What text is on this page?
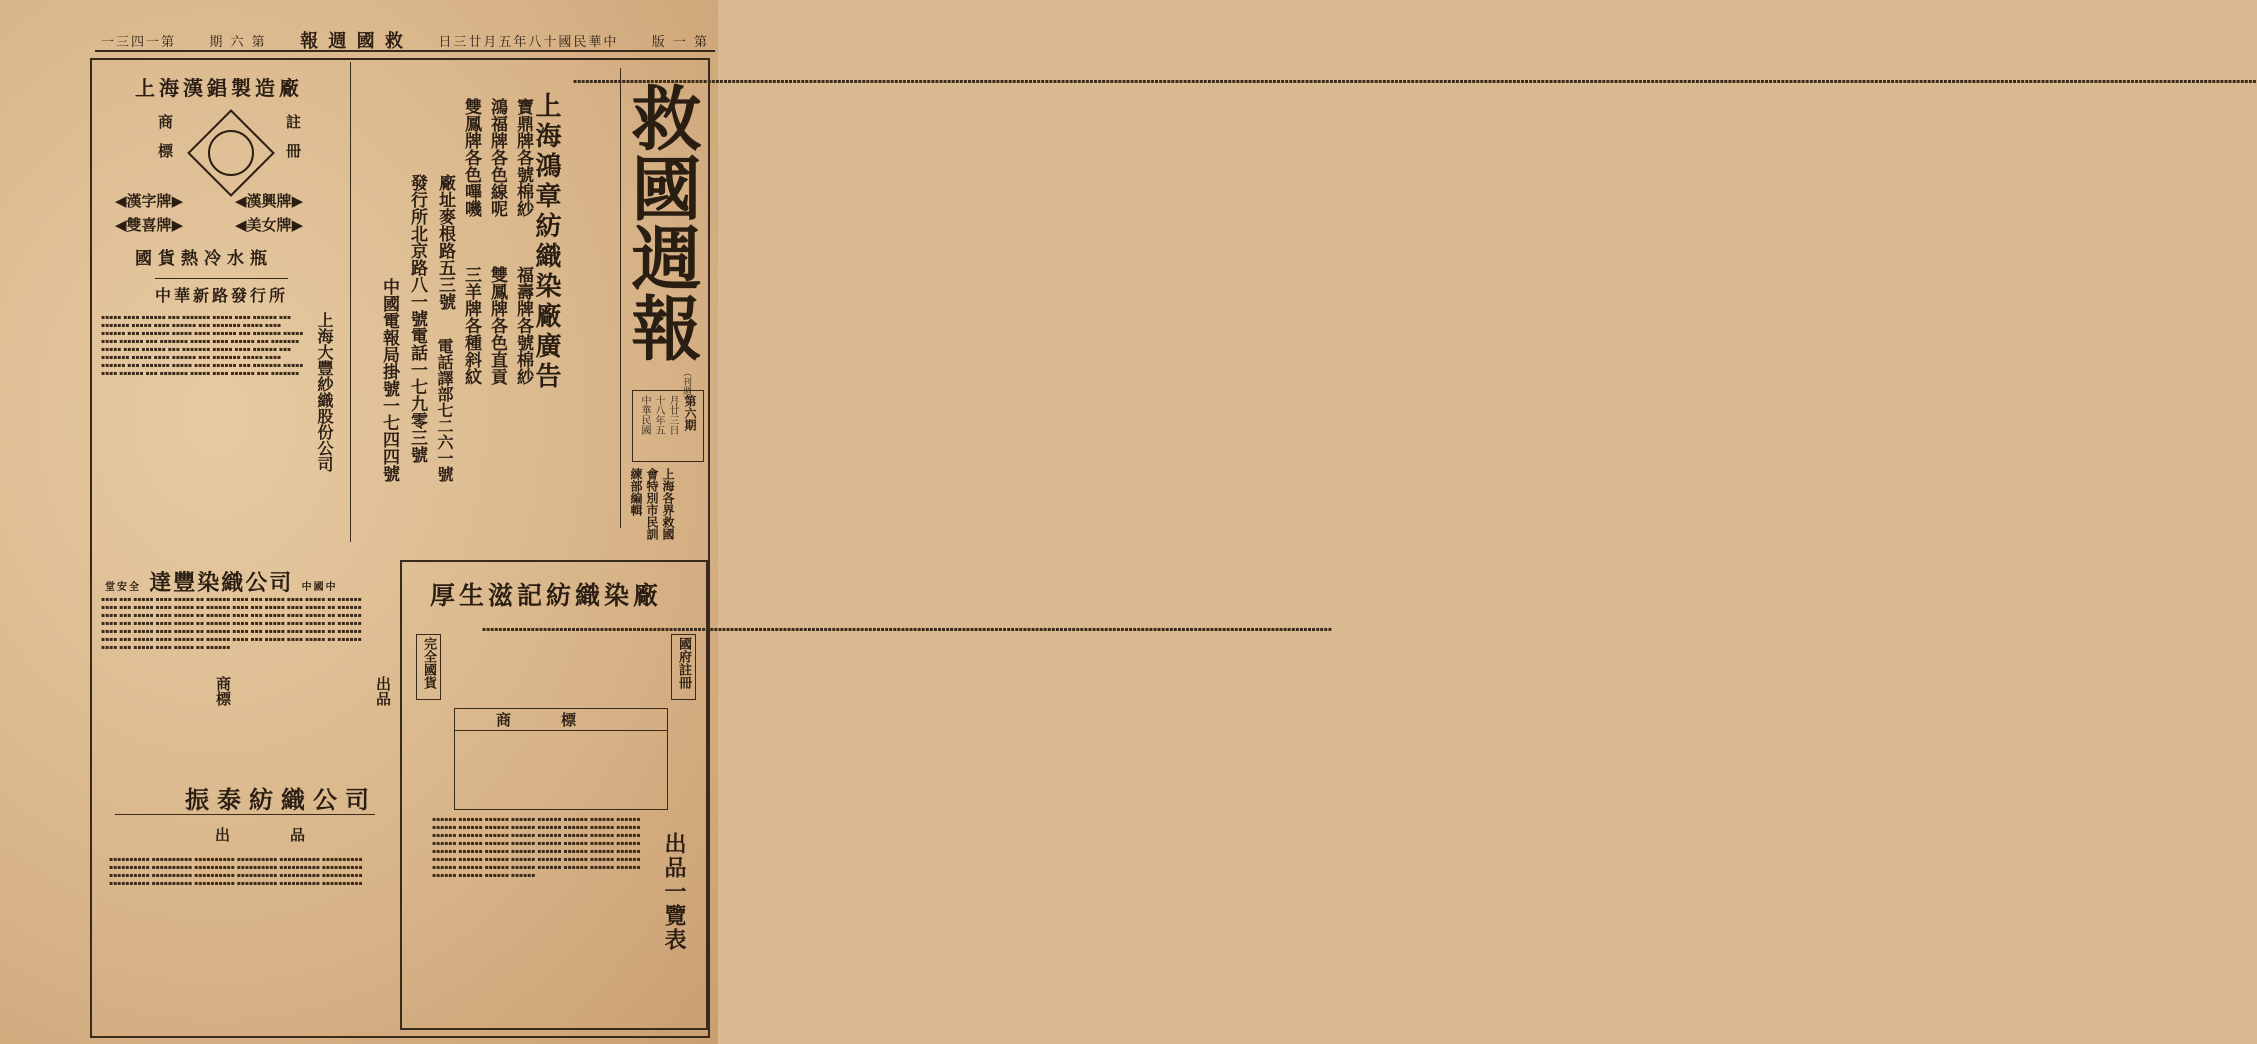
一三四一第	期 六 第 報 週 國 救	日三廿月五年八十國民華中	版 一 第
救國週報
（刊週）
第六期
中華民國 十八年五 月廿三日
上海各界救國會特別市民訓練部編輯
▪▪▪▪▪▪▪▪▪▪▪▪▪▪▪▪▪▪▪▪▪▪▪▪▪▪▪▪▪▪▪▪▪▪▪▪▪▪▪▪▪▪▪▪▪▪▪▪▪▪▪▪▪▪▪▪▪▪▪▪▪▪▪▪▪▪▪▪▪▪▪▪▪▪▪▪▪▪▪▪▪▪▪▪▪▪▪▪▪▪▪▪▪▪▪▪▪▪▪▪▪▪▪▪▪▪▪▪▪▪▪▪▪▪▪▪▪▪▪▪▪▪▪▪▪▪▪▪▪▪▪▪▪▪▪▪▪▪▪▪▪▪▪▪▪▪▪▪▪▪▪▪▪▪▪▪▪▪▪▪▪▪▪▪▪▪▪▪▪▪▪▪▪▪▪▪▪▪▪▪▪▪▪▪▪▪▪▪▪▪▪▪▪▪▪▪▪▪▪▪▪▪▪▪▪▪▪▪▪▪▪▪▪▪▪▪▪▪▪▪▪▪▪▪▪▪▪▪▪▪▪▪▪▪▪▪▪▪▪▪▪▪▪▪▪▪▪▪▪▪▪▪▪▪▪▪▪▪▪▪▪▪▪▪▪▪▪▪▪▪▪▪▪▪▪▪▪▪▪▪▪▪▪▪▪▪▪▪▪▪▪▪▪▪▪▪▪▪▪▪▪▪▪▪▪▪▪▪▪▪▪▪▪▪▪▪▪▪▪▪▪▪▪▪▪▪▪▪▪▪▪▪▪▪▪▪▪▪▪▪▪▪▪▪▪▪▪▪▪▪▪▪▪▪▪▪▪▪▪▪▪▪▪▪▪▪▪▪▪▪▪▪▪▪▪▪▪▪▪▪▪▪▪▪▪▪▪▪▪▪▪▪▪▪▪▪▪▪▪▪▪▪▪▪▪▪▪▪▪▪▪▪▪▪
上海鴻章紡織染廠廣告
寶鼎牌各號棉紗
鴻福牌各色線呢
雙鳳牌各色嗶嘰
廠址麥根路五三號
福壽牌各號棉紗
雙鳳牌各色直貢
三羊牌各種斜紋
電話譯部七二六一號
發行所北京路八一號電話一七九零三號
中國電報局掛號一七四四號
上海漢錩製造廠
商標	註冊
◀漢字牌▶	◀漢興牌▶
◀雙喜牌▶	◀美女牌▶
國貨熱冷水瓶
中華新路發行所
上海大豐紗織股份公司
▪▪▪▪▪ ▪▪▪▪ ▪▪▪▪▪▪ ▪▪▪ ▪▪▪▪▪▪▪ ▪▪▪▪▪ ▪▪▪▪ ▪▪▪▪▪▪ ▪▪▪ ▪▪▪▪▪▪▪ ▪▪▪▪▪ ▪▪▪▪ ▪▪▪▪▪▪ ▪▪▪ ▪▪▪▪▪▪▪ ▪▪▪▪▪ ▪▪▪▪ ▪▪▪▪▪▪ ▪▪▪ ▪▪▪▪▪▪▪ ▪▪▪▪▪ ▪▪▪▪ ▪▪▪▪▪▪ ▪▪▪ ▪▪▪▪▪▪▪ ▪▪▪▪▪ ▪▪▪▪ ▪▪▪▪▪▪ ▪▪▪ ▪▪▪▪▪▪▪ ▪▪▪▪▪ ▪▪▪▪ ▪▪▪▪▪▪ ▪▪▪ ▪▪▪▪▪▪▪ ▪▪▪▪▪ ▪▪▪▪ ▪▪▪▪▪▪ ▪▪▪ ▪▪▪▪▪▪▪ ▪▪▪▪▪ ▪▪▪▪ ▪▪▪▪▪▪ ▪▪▪ ▪▪▪▪▪▪▪ ▪▪▪▪▪ ▪▪▪▪ ▪▪▪▪▪▪ ▪▪▪ ▪▪▪▪▪▪▪ ▪▪▪▪▪ ▪▪▪▪ ▪▪▪▪▪▪ ▪▪▪ ▪▪▪▪▪▪▪ ▪▪▪▪▪ ▪▪▪▪ ▪▪▪▪▪▪ ▪▪▪ ▪▪▪▪▪▪▪ ▪▪▪▪▪ ▪▪▪▪ ▪▪▪▪▪▪ ▪▪▪ ▪▪▪▪▪▪▪ ▪▪▪▪▪ ▪▪▪▪ ▪▪▪▪▪▪ ▪▪▪ ▪▪▪▪▪▪▪
堂安全 達豐染織公司 中國中
▪▪▪▪ ▪▪▪ ▪▪▪▪▪ ▪▪▪▪ ▪▪▪▪▪ ▪▪ ▪▪▪▪▪▪ ▪▪▪▪ ▪▪▪ ▪▪▪▪▪ ▪▪▪▪ ▪▪▪▪▪ ▪▪ ▪▪▪▪▪▪ ▪▪▪▪ ▪▪▪ ▪▪▪▪▪ ▪▪▪▪ ▪▪▪▪▪ ▪▪ ▪▪▪▪▪▪ ▪▪▪▪ ▪▪▪ ▪▪▪▪▪ ▪▪▪▪ ▪▪▪▪▪ ▪▪ ▪▪▪▪▪▪ ▪▪▪▪ ▪▪▪ ▪▪▪▪▪ ▪▪▪▪ ▪▪▪▪▪ ▪▪ ▪▪▪▪▪▪ ▪▪▪▪ ▪▪▪ ▪▪▪▪▪ ▪▪▪▪ ▪▪▪▪▪ ▪▪ ▪▪▪▪▪▪ ▪▪▪▪ ▪▪▪ ▪▪▪▪▪ ▪▪▪▪ ▪▪▪▪▪ ▪▪ ▪▪▪▪▪▪ ▪▪▪▪ ▪▪▪ ▪▪▪▪▪ ▪▪▪▪ ▪▪▪▪▪ ▪▪ ▪▪▪▪▪▪ ▪▪▪▪ ▪▪▪ ▪▪▪▪▪ ▪▪▪▪ ▪▪▪▪▪ ▪▪ ▪▪▪▪▪▪ ▪▪▪▪ ▪▪▪ ▪▪▪▪▪ ▪▪▪▪ ▪▪▪▪▪ ▪▪ ▪▪▪▪▪▪ ▪▪▪▪ ▪▪▪ ▪▪▪▪▪ ▪▪▪▪ ▪▪▪▪▪ ▪▪ ▪▪▪▪▪▪ ▪▪▪▪ ▪▪▪ ▪▪▪▪▪ ▪▪▪▪ ▪▪▪▪▪ ▪▪ ▪▪▪▪▪▪ ▪▪▪▪ ▪▪▪ ▪▪▪▪▪ ▪▪▪▪ ▪▪▪▪▪ ▪▪ ▪▪▪▪▪▪
出品
商標
振泰紡織公司
出品
▪▪▪▪▪▪▪▪▪▪ ▪▪▪▪▪▪▪▪▪▪ ▪▪▪▪▪▪▪▪▪▪ ▪▪▪▪▪▪▪▪▪▪ ▪▪▪▪▪▪▪▪▪▪ ▪▪▪▪▪▪▪▪▪▪ ▪▪▪▪▪▪▪▪▪▪ ▪▪▪▪▪▪▪▪▪▪ ▪▪▪▪▪▪▪▪▪▪ ▪▪▪▪▪▪▪▪▪▪ ▪▪▪▪▪▪▪▪▪▪ ▪▪▪▪▪▪▪▪▪▪ ▪▪▪▪▪▪▪▪▪▪ ▪▪▪▪▪▪▪▪▪▪ ▪▪▪▪▪▪▪▪▪▪ ▪▪▪▪▪▪▪▪▪▪ ▪▪▪▪▪▪▪▪▪▪ ▪▪▪▪▪▪▪▪▪▪ ▪▪▪▪▪▪▪▪▪▪ ▪▪▪▪▪▪▪▪▪▪ ▪▪▪▪▪▪▪▪▪▪ ▪▪▪▪▪▪▪▪▪▪ ▪▪▪▪▪▪▪▪▪▪ ▪▪▪▪▪▪▪▪▪▪
厚生滋記紡織染廠
國府註冊
完全國貨
▪▪▪▪▪▪▪▪▪▪▪▪▪▪▪▪▪▪▪▪▪▪▪▪▪▪▪▪▪▪▪▪▪▪▪▪▪▪▪▪▪▪▪▪▪▪▪▪▪▪▪▪▪▪▪▪▪▪▪▪▪▪▪▪▪▪▪▪▪▪▪▪▪▪▪▪▪▪▪▪▪▪▪▪▪▪▪▪▪▪▪▪▪▪▪▪▪▪▪▪▪▪▪▪▪▪▪▪▪▪▪▪▪▪▪▪▪▪▪▪▪▪▪▪▪▪▪▪▪▪▪▪▪▪▪▪▪▪▪▪▪▪▪▪▪▪▪▪▪▪▪▪▪▪▪▪▪▪▪▪▪▪▪▪▪▪▪▪▪▪▪▪▪▪▪▪▪▪▪▪▪▪▪▪▪▪▪▪▪▪▪▪▪▪▪▪▪▪▪▪▪▪▪▪▪▪▪▪▪
商標
▪▪▪▪▪▪ ▪▪▪▪▪▪ ▪▪▪▪▪▪ ▪▪▪▪▪▪ ▪▪▪▪▪▪ ▪▪▪▪▪▪ ▪▪▪▪▪▪ ▪▪▪▪▪▪ ▪▪▪▪▪▪ ▪▪▪▪▪▪ ▪▪▪▪▪▪ ▪▪▪▪▪▪ ▪▪▪▪▪▪ ▪▪▪▪▪▪ ▪▪▪▪▪▪ ▪▪▪▪▪▪ ▪▪▪▪▪▪ ▪▪▪▪▪▪ ▪▪▪▪▪▪ ▪▪▪▪▪▪ ▪▪▪▪▪▪ ▪▪▪▪▪▪ ▪▪▪▪▪▪ ▪▪▪▪▪▪ ▪▪▪▪▪▪ ▪▪▪▪▪▪ ▪▪▪▪▪▪ ▪▪▪▪▪▪ ▪▪▪▪▪▪ ▪▪▪▪▪▪ ▪▪▪▪▪▪ ▪▪▪▪▪▪ ▪▪▪▪▪▪ ▪▪▪▪▪▪ ▪▪▪▪▪▪ ▪▪▪▪▪▪ ▪▪▪▪▪▪ ▪▪▪▪▪▪ ▪▪▪▪▪▪ ▪▪▪▪▪▪ ▪▪▪▪▪▪ ▪▪▪▪▪▪ ▪▪▪▪▪▪ ▪▪▪▪▪▪ ▪▪▪▪▪▪ ▪▪▪▪▪▪ ▪▪▪▪▪▪ ▪▪▪▪▪▪ ▪▪▪▪▪▪ ▪▪▪▪▪▪ ▪▪▪▪▪▪ ▪▪▪▪▪▪ ▪▪▪▪▪▪ ▪▪▪▪▪▪ ▪▪▪▪▪▪ ▪▪▪▪▪▪ ▪▪▪▪▪▪ ▪▪▪▪▪▪ ▪▪▪▪▪▪ ▪▪▪▪▪▪	出品一覽表
